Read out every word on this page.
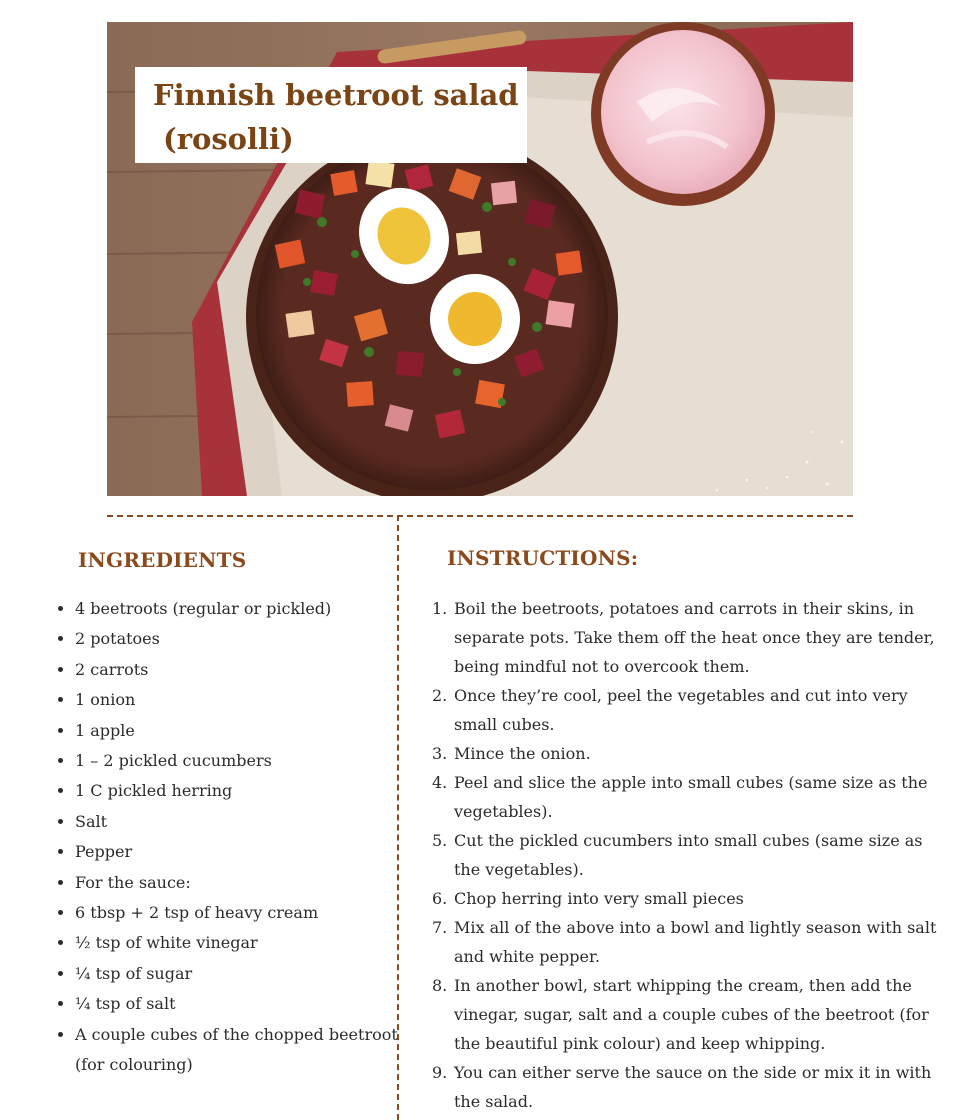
Finnish beetroot salad
(rosolli)
INGREDIENTS
• 4 beetroots (regular or pickled)
• 2 potatoes
• 2 carrots
• 1 onion
• 1 apple
• 1 – 2 pickled cucumbers
• 1 C pickled herring
• Salt
• Pepper
• For the sauce:
• 6 tbsp + 2 tsp of heavy cream
• ½ tsp of white vinegar
• ¼ tsp of sugar
• ¼ tsp of salt
• A couple cubes of the chopped beetroot (for colouring)
INSTRUCTIONS:
1. Boil the beetroots, potatoes and carrots in their skins, in separate pots. Take them off the heat once they are tender, being mindful not to overcook them.
2. Once they’re cool, peel the vegetables and cut into very small cubes.
3. Mince the onion.
4. Peel and slice the apple into small cubes (same size as the vegetables).
5. Cut the pickled cucumbers into small cubes (same size as the vegetables).
6. Chop herring into very small pieces
7. Mix all of the above into a bowl and lightly season with salt and white pepper.
8. In another bowl, start whipping the cream, then add the vinegar, sugar, salt and a couple cubes of the beetroot (for the beautiful pink colour) and keep whipping.
9. You can either serve the sauce on the side or mix it in with the salad.
